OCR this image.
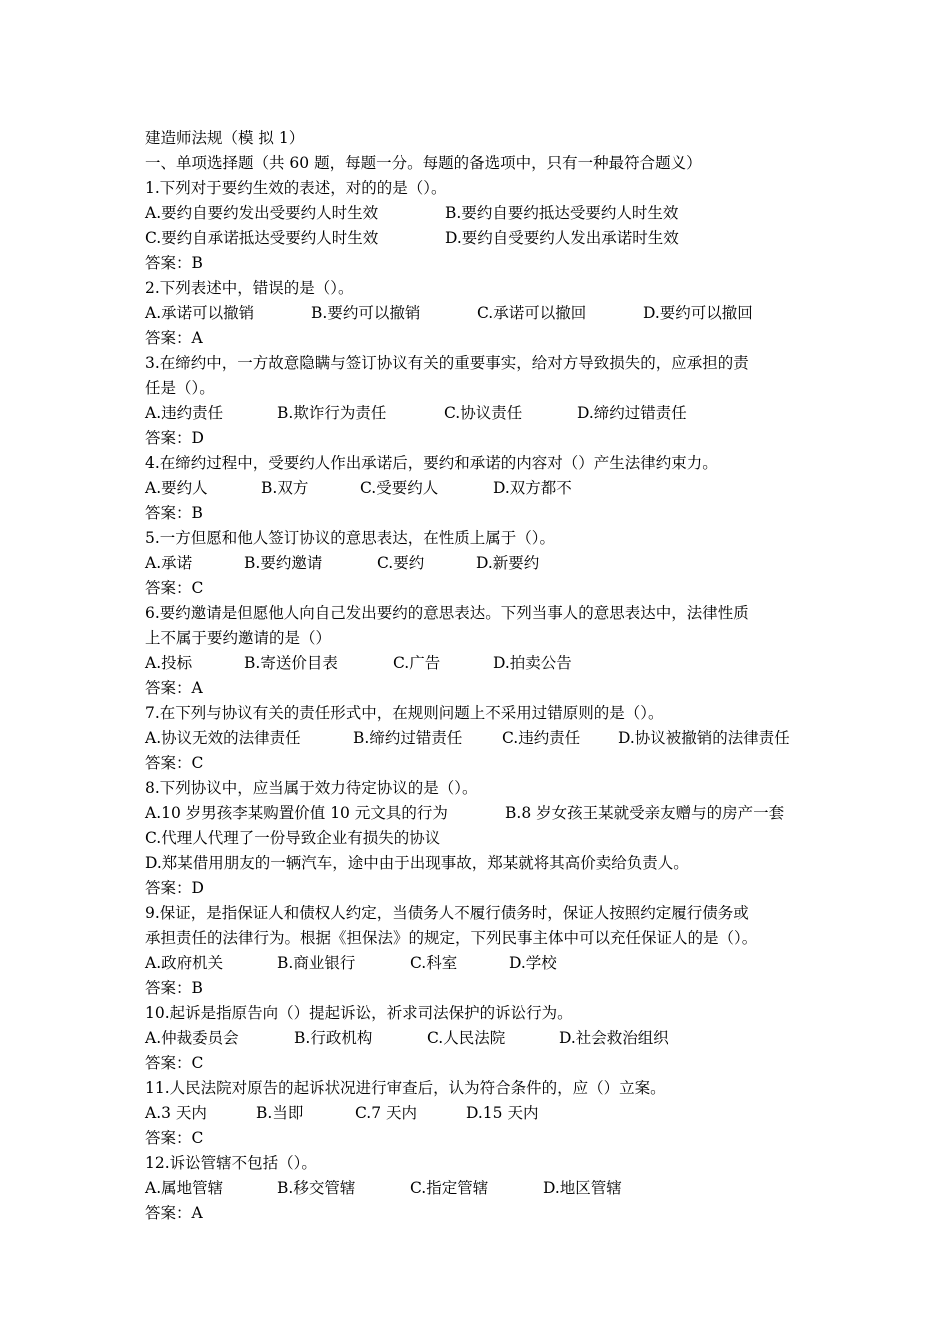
建造师法规（模 拟 1）

一、单项选择题（共 60 题，每题一分。每题的备选项中，只有一种最符合题义）

1.下列对于要约生效的表述，对的的是（）。

A.要约自要约发出受要约人时生效	B.要约自要约抵达受要约人时生效

C.要约自承诺抵达受要约人时生效	D.要约自受要约人发出承诺时生效

答案：B

2.下列表述中，错误的是（）。

A.承诺可以撤销	B.要约可以撤销	C.承诺可以撤回	D.要约可以撤回

答案：A

3.在缔约中，一方故意隐瞒与签订协议有关的重要事实，给对方导致损失的，应承担的责

任是（）。

A.违约责任	B.欺诈行为责任	C.协议责任	D.缔约过错责任

答案：D

4.在缔约过程中，受要约人作出承诺后，要约和承诺的内容对（）产生法律约束力。

A.要约人	B.双方	C.受要约人	D.双方都不

答案：B

5.一方但愿和他人签订协议的意思表达，在性质上属于（）。

A.承诺	B.要约邀请	C.要约	D.新要约

答案：C

6.要约邀请是但愿他人向自己发出要约的意思表达。下列当事人的意思表达中，法律性质

上不属于要约邀请的是（）

A.投标	B.寄送价目表	C.广告	D.拍卖公告

答案：A

7.在下列与协议有关的责任形式中，在规则问题上不采用过错原则的是（）。

A.协议无效的法律责任	B.缔约过错责任	C.违约责任 D.协议被撤销的法律责任

答案：C

8.下列协议中，应当属于效力待定协议的是（）。

A.10 岁男孩李某购置价值 10 元文具的行为	B.8 岁女孩王某就受亲友赠与的房产一套

C.代理人代理了一份导致企业有损失的协议

D.郑某借用朋友的一辆汽车，途中由于出现事故，郑某就将其高价卖给负责人。

答案：D

9.保证，是指保证人和债权人约定，当债务人不履行债务时，保证人按照约定履行债务或

承担责任的法律行为。根据《担保法》的规定，下列民事主体中可以充任保证人的是（）。

A.政府机关	B.商业银行	C.科室	D.学校

答案：B

10.起诉是指原告向（）提起诉讼，祈求司法保护的诉讼行为。

A.仲裁委员会	B.行政机构	C.人民法院	D.社会救治组织

答案：C

11.人民法院对原告的起诉状况进行审查后，认为符合条件的，应（）立案。

A.3 天内	B.当即	C.7 天内	D.15 天内

答案：C

12.诉讼管辖不包括（）。

A.属地管辖	B.移交管辖	C.指定管辖	D.地区管辖

答案：A
